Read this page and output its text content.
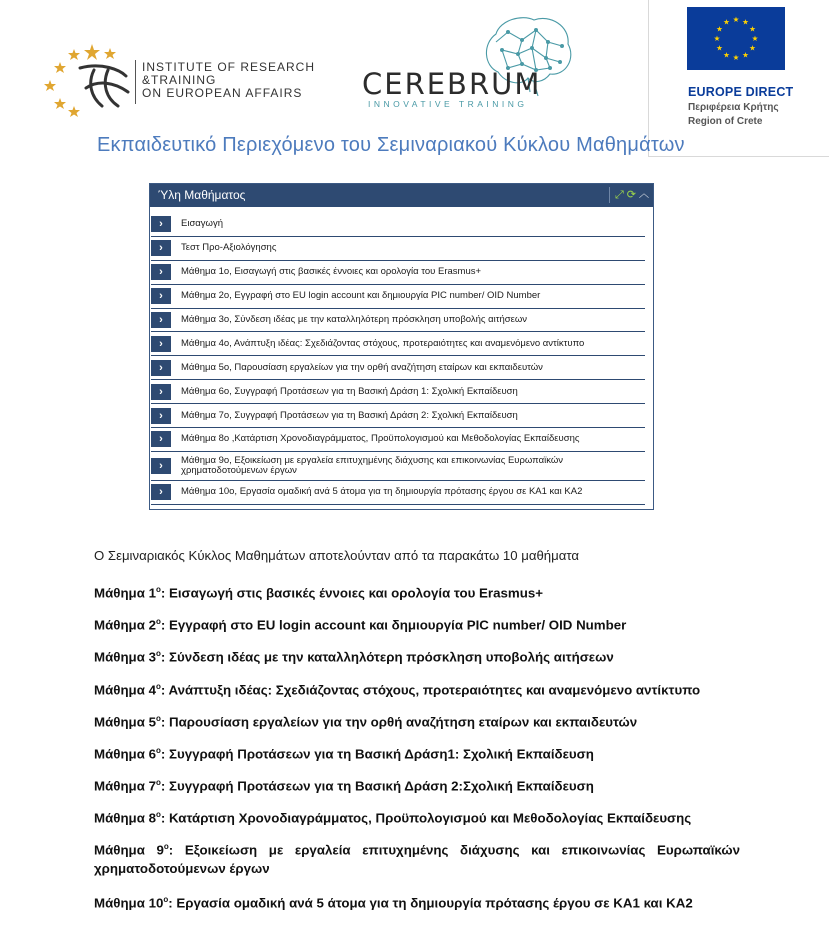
INSTITUTE OF RESEARCH
&TRAINING
ON EUROPEAN AFFAIRS	CEREBRUM
INNOVATIVE TRAINING
★ ★
★
★
★
★
★
★
★
★
★
★
EUROPE DIRECT
Περιφέρεια Κρήτης
Region of Crete
Εκπαιδευτικό Περιεχόμενο του Σεμιναριακού Κύκλου Μαθημάτων
Ύλη Μαθήματος	⤢ ⟳ ︿
›	Εισαγωγή
›	Τεστ Προ-Αξιολόγησης
›	Μάθημα 1ο, Εισαγωγή στις βασικές έννοιες και ορολογία του Erasmus+
›	Μάθημα 2ο, Εγγραφή στο EU login account και δημιουργία PIC number/ OID Number
›	Μάθημα 3ο, Σύνδεση ιδέας με την καταλληλότερη πρόσκληση υποβολής αιτήσεων
›	Μάθημα 4ο, Ανάπτυξη ιδέας: Σχεδιάζοντας στόχους, προτεραιότητες και αναμενόμενο αντίκτυπο
›	Μάθημα 5ο, Παρουσίαση εργαλείων για την ορθή αναζήτηση εταίρων και εκπαιδευτών
›	Μάθημα 6ο, Συγγραφή Προτάσεων για τη Βασική Δράση 1: Σχολική Εκπαίδευση
›	Μάθημα 7ο, Συγγραφή Προτάσεων για τη Βασική Δράση 2: Σχολική Εκπαίδευση
›	Μάθημα 8ο ,Κατάρτιση Χρονοδιαγράμματος, Προϋπολογισμού και Μεθοδολογίας Εκπαίδευσης
›	Μάθημα 9ο, Εξοικείωση με εργαλεία επιτυχημένης διάχυσης και επικοινωνίας Ευρωπαϊκών χρηματοδοτούμενων έργων
›	Μάθημα 10ο, Εργασία ομαδική ανά 5 άτομα για τη δημιουργία πρότασης έργου σε ΚΑ1 και ΚΑ2
Ο Σεμιναριακός Κύκλος Μαθημάτων αποτελούνταν από τα παρακάτω 10 μαθήματα
Μάθημα $1^o$: Εισαγωγή στις βασικές έννοιες και ορολογία του Erasmus+
Μάθημα $2^o$: Εγγραφή στο EU login account και δημιουργία PIC number/ OID Number
Μάθημα $3^o$: Σύνδεση ιδέας με την καταλληλότερη πρόσκληση υποβολής αιτήσεων
Μάθημα $4^o$: Ανάπτυξη ιδέας: Σχεδιάζοντας στόχους, προτεραιότητες και αναμενόμενο αντίκτυπο
Μάθημα $5^o$: Παρουσίαση εργαλείων για την ορθή αναζήτηση εταίρων και εκπαιδευτών
Μάθημα $6^o$: Συγγραφή Προτάσεων για τη Βασική Δράση1: Σχολική Εκπαίδευση
Μάθημα $7^o$: Συγγραφή Προτάσεων για τη Βασική Δράση 2:Σχολική Εκπαίδευση
Μάθημα $8^o$: Κατάρτιση Χρονοδιαγράμματος, Προϋπολογισμού και Μεθοδολογίας Εκπαίδευσης
Μάθημα $9^o$: Εξοικείωση με εργαλεία επιτυχημένης διάχυσης και επικοινωνίας Ευρωπαϊκών χρηματοδοτούμενων έργων
Μάθημα $10^o$: Εργασία ομαδική ανά 5 άτομα για τη δημιουργία πρότασης έργου σε ΚΑ1 και ΚΑ2
